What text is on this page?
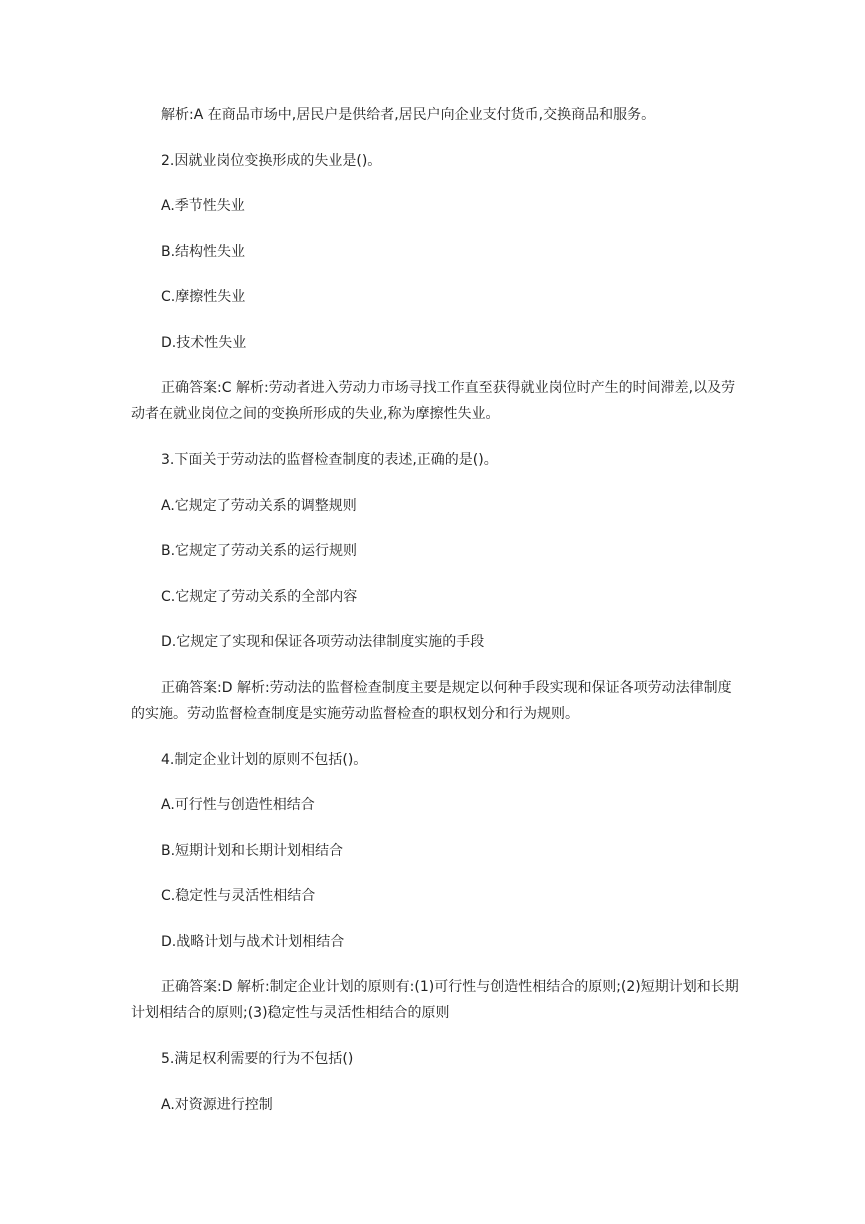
解析:A 在商品市场中,居民户是供给者,居民户向企业支付货币,交换商品和服务。

2.因就业岗位变换形成的失业是()。

A.季节性失业

B.结构性失业

C.摩擦性失业

D.技术性失业

正确答案:C 解析:劳动者进入劳动力市场寻找工作直至获得就业岗位时产生的时间滞差,以及劳动者在就业岗位之间的变换所形成的失业,称为摩擦性失业。

3.下面关于劳动法的监督检查制度的表述,正确的是()。

A.它规定了劳动关系的调整规则

B.它规定了劳动关系的运行规则

C.它规定了劳动关系的全部内容

D.它规定了实现和保证各项劳动法律制度实施的手段

正确答案:D 解析:劳动法的监督检查制度主要是规定以何种手段实现和保证各项劳动法律制度的实施。劳动监督检查制度是实施劳动监督检查的职权划分和行为规则。

4.制定企业计划的原则不包括()。

A.可行性与创造性相结合

B.短期计划和长期计划相结合

C.稳定性与灵活性相结合

D.战略计划与战术计划相结合

正确答案:D 解析:制定企业计划的原则有:(1)可行性与创造性相结合的原则;(2)短期计划和长期计划相结合的原则;(3)稳定性与灵活性相结合的原则

5.满足权利需要的行为不包括()

A.对资源进行控制
